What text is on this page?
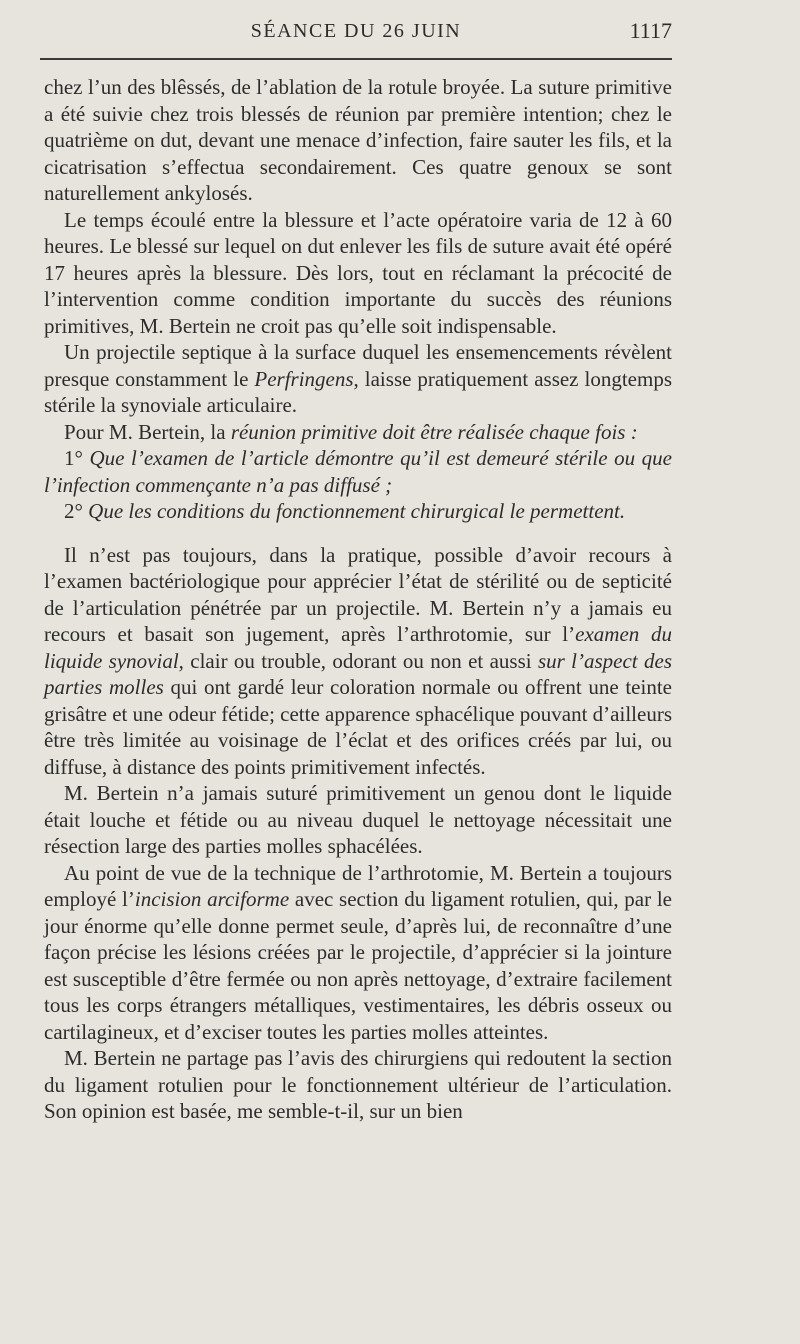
SÉANCE DU 26 JUIN	1117

chez l’un des blêssés, de l’ablation de la rotule broyée. La suture primitive a été suivie chez trois blessés de réunion par première intention; chez le quatrième on dut, devant une menace d’infection, faire sauter les fils, et la cicatrisation s’effectua secondairement. Ces quatre genoux se sont naturellement ankylosés.

Le temps écoulé entre la blessure et l’acte opératoire varia de 12 à 60 heures. Le blessé sur lequel on dut enlever les fils de suture avait été opéré 17 heures après la blessure. Dès lors, tout en réclamant la précocité de l’intervention comme condition importante du succès des réunions primitives, M. Bertein ne croit pas qu’elle soit indispensable.

Un projectile septique à la surface duquel les ensemencements révèlent presque constamment le Perfringens, laisse pratiquement assez longtemps stérile la synoviale articulaire.

Pour M. Bertein, la réunion primitive doit être réalisée chaque fois :

1° Que l’examen de l’article démontre qu’il est demeuré stérile ou que l’infection commençante n’a pas diffusé ;

2° Que les conditions du fonctionnement chirurgical le permettent.

Il n’est pas toujours, dans la pratique, possible d’avoir recours à l’examen bactériologique pour apprécier l’état de stérilité ou de septicité de l’articulation pénétrée par un projectile. M. Bertein n’y a jamais eu recours et basait son jugement, après l’arthrotomie, sur l’examen du liquide synovial, clair ou trouble, odorant ou non et aussi sur l’aspect des parties molles qui ont gardé leur coloration normale ou offrent une teinte grisâtre et une odeur fétide; cette apparence sphacélique pouvant d’ailleurs être très limitée au voisinage de l’éclat et des orifices créés par lui, ou diffuse, à distance des points primitivement infectés.

M. Bertein n’a jamais suturé primitivement un genou dont le liquide était louche et fétide ou au niveau duquel le nettoyage nécessitait une résection large des parties molles sphacélées.

Au point de vue de la technique de l’arthrotomie, M. Bertein a toujours employé l’incision arciforme avec section du ligament rotulien, qui, par le jour énorme qu’elle donne permet seule, d’après lui, de reconnaître d’une façon précise les lésions créées par le projectile, d’apprécier si la jointure est susceptible d’être fermée ou non après nettoyage, d’extraire facilement tous les corps étrangers métalliques, vestimentaires, les débris osseux ou cartilagineux, et d’exciser toutes les parties molles atteintes.

M. Bertein ne partage pas l’avis des chirurgiens qui redoutent la section du ligament rotulien pour le fonctionnement ultérieur de l’articulation. Son opinion est basée, me semble-t-il, sur un bien
